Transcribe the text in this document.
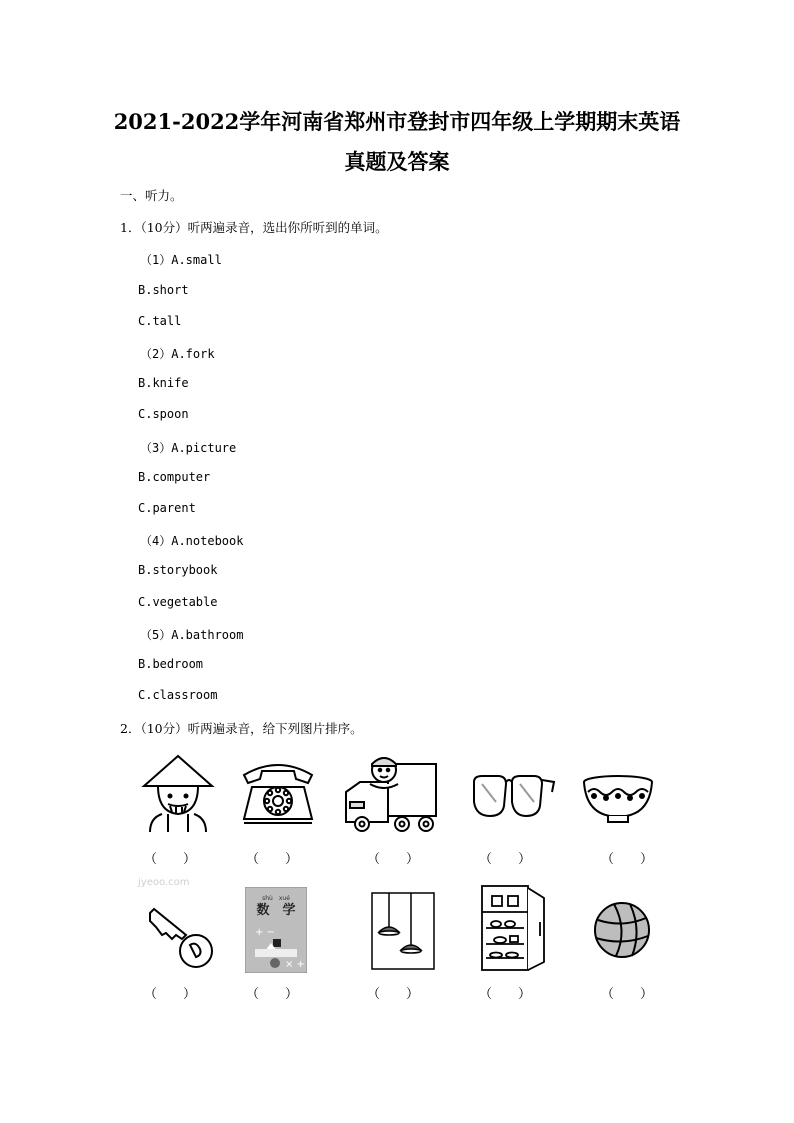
2021-2022学年河南省郑州市登封市四年级上学期期末英语
真题及答案
一、听力。
1．（10分）听两遍录音，选出你所听到的单词。
（1）A.small
B.short
C.tall
（2）A.fork
B.knife
C.spoon
（3）A.picture
B.computer
C.parent
（4）A.notebook
B.storybook
C.vegetable
（5）A.bathroom
B.bedroom
C.classroom
2．（10分）听两遍录音，给下列图片排序。
（　　）	（　　）	（　　）	（　　）	（　　）
jyeoo.com
shù　xué
数　学
+ −
× +
（　　）	（　　）	（　　）	（　　）	（　　）
